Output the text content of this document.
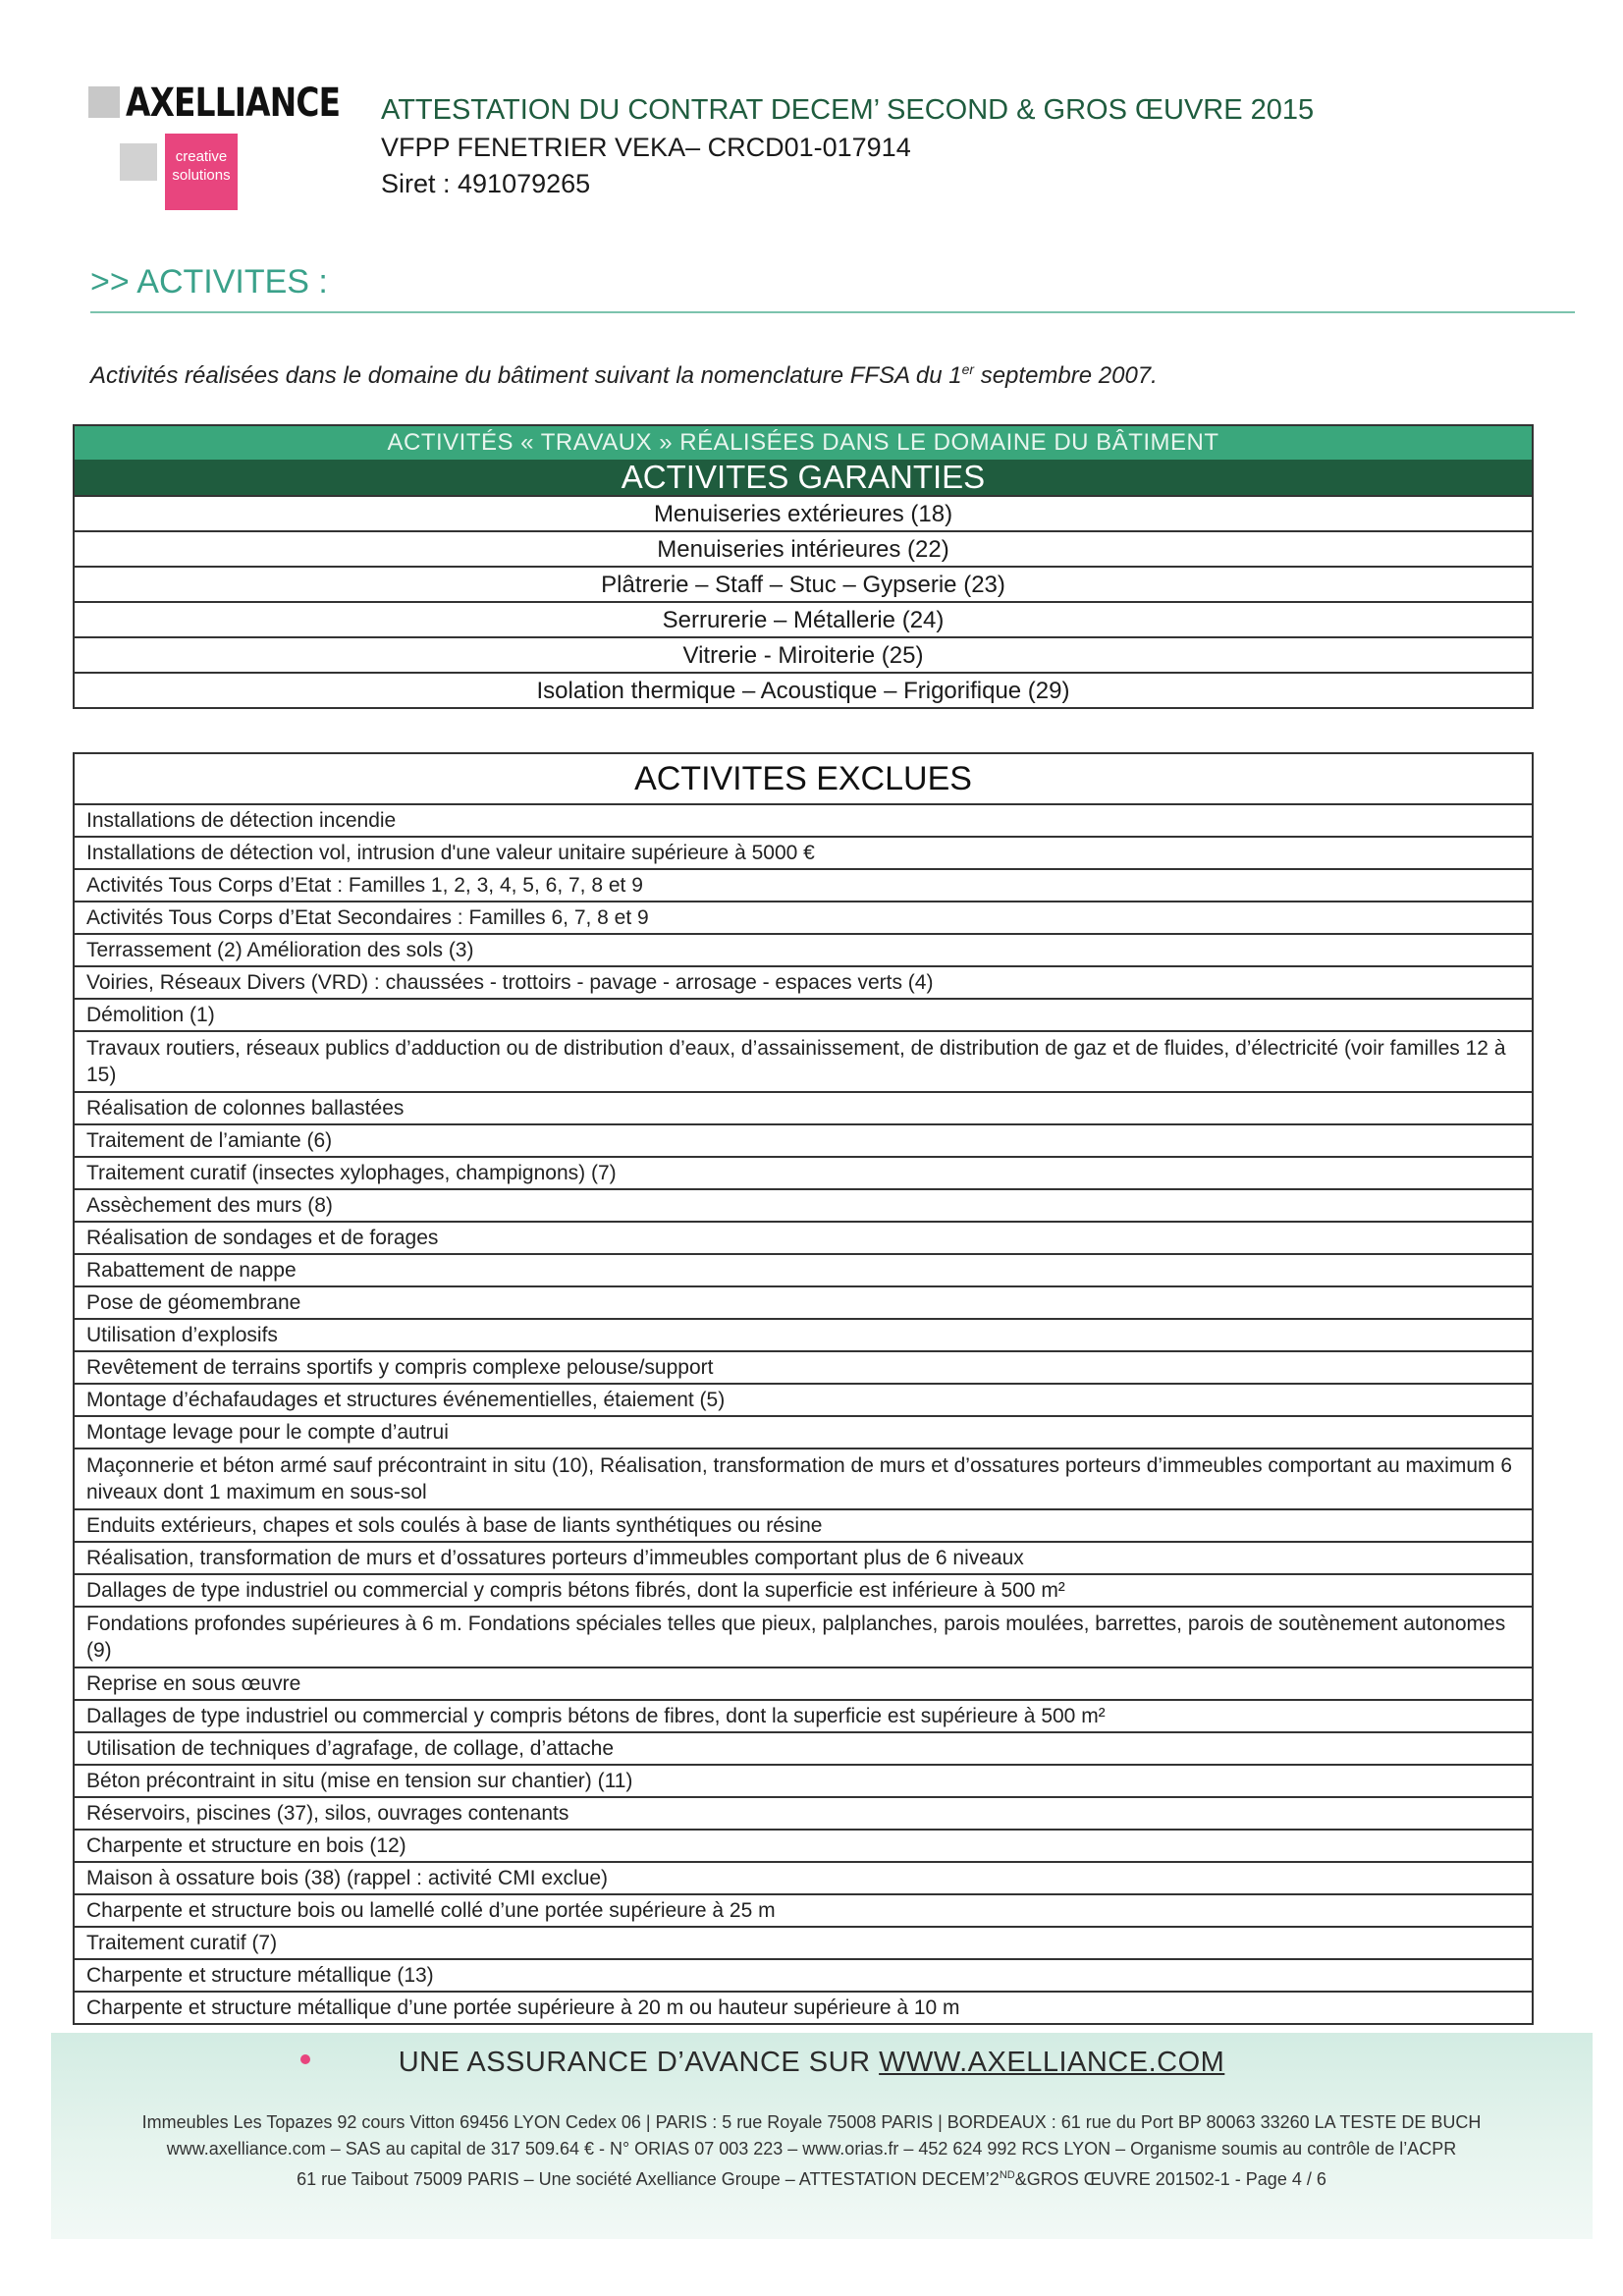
AXELLIANCE
creative
solutions
ATTESTATION DU CONTRAT DECEM’ SECOND & GROS ŒUVRE 2015
VFPP FENETRIER VEKA– CRCD01-017914
Siret : 491079265
>> ACTIVITES :
Activités réalisées dans le domaine du bâtiment suivant la nomenclature FFSA du 1er septembre 2007.
ACTIVITÉS « TRAVAUX » RÉALISÉES DANS LE DOMAINE DU BÂTIMENT
ACTIVITES GARANTIES
Menuiseries extérieures (18)
Menuiseries intérieures (22)
Plâtrerie – Staff – Stuc – Gypserie (23)
Serrurerie – Métallerie (24)
Vitrerie - Miroiterie (25)
Isolation thermique – Acoustique – Frigorifique (29)
ACTIVITES EXCLUES
Installations de détection incendie
Installations de détection vol, intrusion d'une valeur unitaire supérieure à 5000 €
Activités Tous Corps d’Etat : Familles 1, 2, 3, 4, 5, 6, 7, 8 et 9
Activités Tous Corps d’Etat Secondaires : Familles 6, 7, 8 et 9
Terrassement (2) Amélioration des sols (3)
Voiries, Réseaux Divers (VRD) : chaussées - trottoirs - pavage - arrosage - espaces verts (4)
Démolition (1)
Travaux routiers, réseaux publics d’adduction ou de distribution d’eaux, d’assainissement, de distribution de gaz et de fluides, d’électricité (voir familles 12 à 15)
Réalisation de colonnes ballastées
Traitement de l’amiante (6)
Traitement curatif (insectes xylophages, champignons) (7)
Assèchement des murs (8)
Réalisation de sondages et de forages
Rabattement de nappe
Pose de géomembrane
Utilisation d’explosifs
Revêtement de terrains sportifs y compris complexe pelouse/support
Montage d’échafaudages et structures événementielles, étaiement (5)
Montage levage pour le compte d’autrui
Maçonnerie et béton armé sauf précontraint in situ (10), Réalisation, transformation de murs et d’ossatures porteurs d’immeubles comportant au maximum 6 niveaux dont 1 maximum en sous-sol
Enduits extérieurs, chapes et sols coulés à base de liants synthétiques ou résine
Réalisation, transformation de murs et d’ossatures porteurs d’immeubles comportant plus de 6 niveaux
Dallages de type industriel ou commercial y compris bétons fibrés, dont la superficie est inférieure à 500 m²
Fondations profondes supérieures à 6 m. Fondations spéciales telles que pieux, palplanches, parois moulées, barrettes, parois de soutènement autonomes (9)
Reprise en sous œuvre
Dallages de type industriel ou commercial y compris bétons de fibres, dont la superficie est supérieure à 500 m²
Utilisation de techniques d’agrafage, de collage, d’attache
Béton précontraint in situ (mise en tension sur chantier) (11)
Réservoirs, piscines (37), silos, ouvrages contenants
Charpente et structure en bois (12)
Maison à ossature bois (38) (rappel : activité CMI exclue)
Charpente et structure bois ou lamellé collé d’une portée supérieure à 25 m
Traitement curatif (7)
Charpente et structure métallique (13)
Charpente et structure métallique d’une portée supérieure à 20 m ou hauteur supérieure à 10 m
UNE ASSURANCE D’AVANCE SUR WWW.AXELLIANCE.COM
Immeubles Les Topazes 92 cours Vitton 69456 LYON Cedex 06 | PARIS : 5 rue Royale 75008 PARIS | BORDEAUX : 61 rue du Port BP 80063 33260 LA TESTE DE BUCH
www.axelliance.com – SAS au capital de 317 509.64 € - N° ORIAS 07 003 223 – www.orias.fr – 452 624 992 RCS LYON – Organisme soumis au contrôle de l’ACPR
61 rue Taibout 75009 PARIS – Une société Axelliance Groupe – ATTESTATION DECEM’2ND&GROS ŒUVRE 201502-1 - Page 4 / 6
